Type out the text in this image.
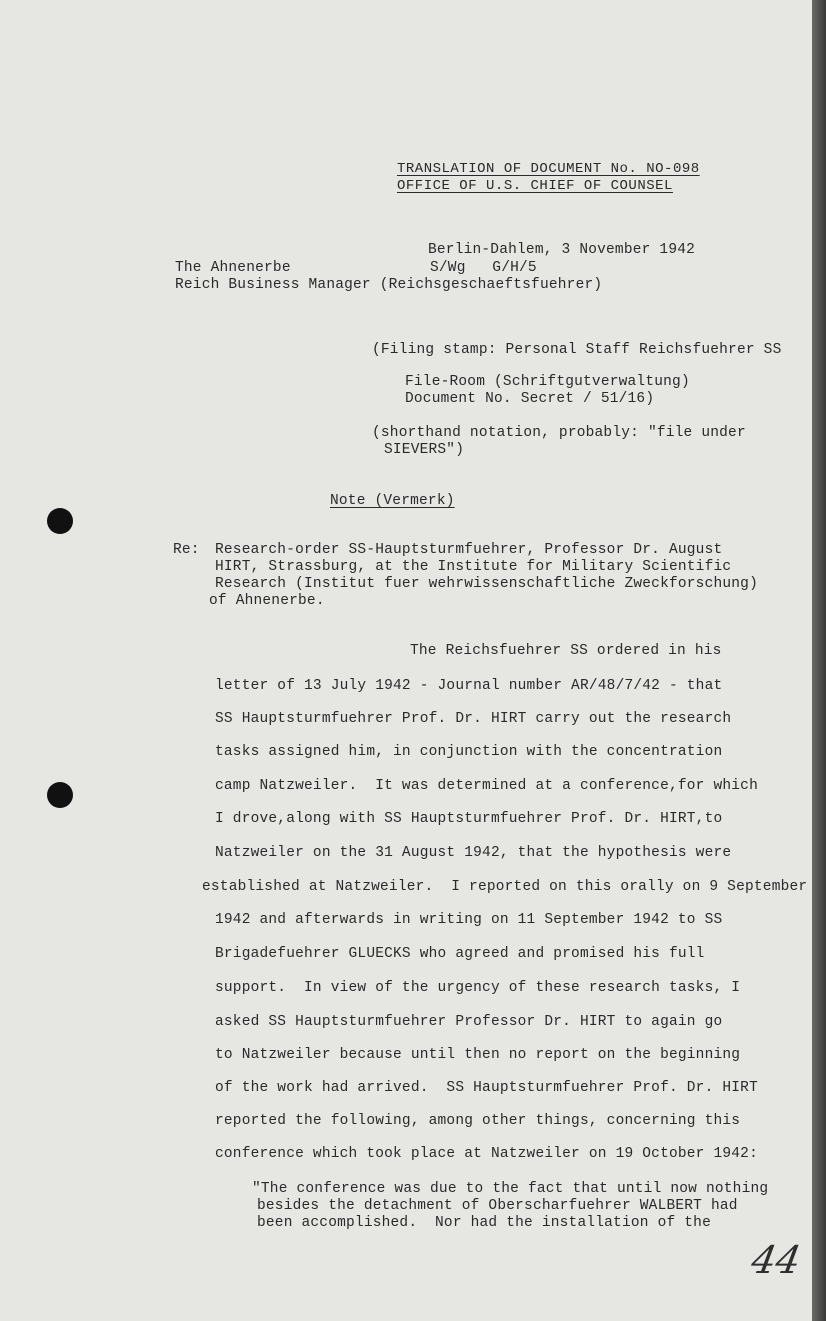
TRANSLATION OF DOCUMENT No. NO-098
OFFICE OF U.S. CHIEF OF COUNSEL
Berlin-Dahlem, 3 November 1942
The Ahnenerbe	S/Wg   G/H/5
Reich Business Manager (Reichsgeschaeftsfuehrer)
(Filing stamp: Personal Staff Reichsfuehrer SS
File-Room (Schriftgutverwaltung)
Document No. Secret / 51/16)
(shorthand notation, probably: "file under
SIEVERS")
Note (Vermerk)
Re: Research-order SS-Hauptsturmfuehrer, Professor Dr. August
HIRT, Strassburg, at the Institute for Military Scientific
Research (Institut fuer wehrwissenschaftliche Zweckforschung)
of Ahnenerbe.
The Reichsfuehrer SS ordered in his
letter of 13 July 1942 - Journal number AR/48/7/42 - that
SS Hauptsturmfuehrer Prof. Dr. HIRT carry out the research
tasks assigned him, in conjunction with the concentration
camp Natzweiler.  It was determined at a conference,for which
I drove,along with SS Hauptsturmfuehrer Prof. Dr. HIRT,to
Natzweiler on the 31 August 1942, that the hypothesis were
established at Natzweiler.  I reported on this orally on 9 September
1942 and afterwards in writing on 11 September 1942 to SS
Brigadefuehrer GLUECKS who agreed and promised his full
support.  In view of the urgency of these research tasks, I
asked SS Hauptsturmfuehrer Professor Dr. HIRT to again go
to Natzweiler because until then no report on the beginning
of the work had arrived.  SS Hauptsturmfuehrer Prof. Dr. HIRT
reported the following, among other things, concerning this
conference which took place at Natzweiler on 19 October 1942:
"The conference was due to the fact that until now nothing
besides the detachment of Oberscharfuehrer WALBERT had
been accomplished.  Nor had the installation of the
44
